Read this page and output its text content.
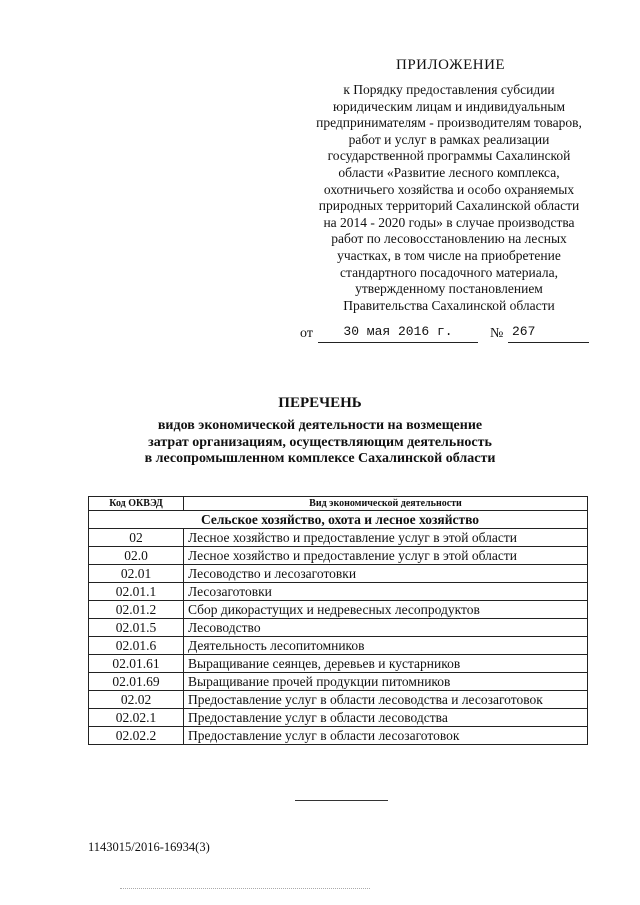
ПРИЛОЖЕНИЕ
к Порядку предоставления субсидии
юридическим лицам и индивидуальным
предпринимателям - производителям товаров,
работ и услуг в рамках реализации
государственной программы Сахалинской
области «Развитие лесного комплекса,
охотничьего хозяйства и особо охраняемых
природных территорий Сахалинской области
на 2014 - 2020 годы» в случае производства
работ по лесовосстановлению на лесных
участках, в том числе на приобретение
стандартного посадочного материала,
утвержденному постановлением
Правительства Сахалинской области
от	30 мая 2016 г.	№ 267
ПЕРЕЧЕНЬ
видов экономической деятельности на возмещение
затрат организациям, осуществляющим деятельность
в лесопромышленном комплексе Сахалинской области
Код ОКВЭД	Вид экономической деятельности
Сельское хозяйство, охота и лесное хозяйство	
02	Лесное хозяйство и предоставление услуг в этой области
02.0	Лесное хозяйство и предоставление услуг в этой области
02.01	Лесоводство и лесозаготовки
02.01.1	Лесозаготовки
02.01.2	Сбор дикорастущих и недревесных лесопродуктов
02.01.5	Лесоводство
02.01.6	Деятельность лесопитомников
02.01.61	Выращивание сеянцев, деревьев и кустарников
02.01.69	Выращивание прочей продукции питомников
02.02	Предоставление услуг в области лесоводства и лесозаготовок
02.02.1	Предоставление услуг в области лесоводства
02.02.2	Предоставление услуг в области лесозаготовок
1143015/2016-16934(3)
